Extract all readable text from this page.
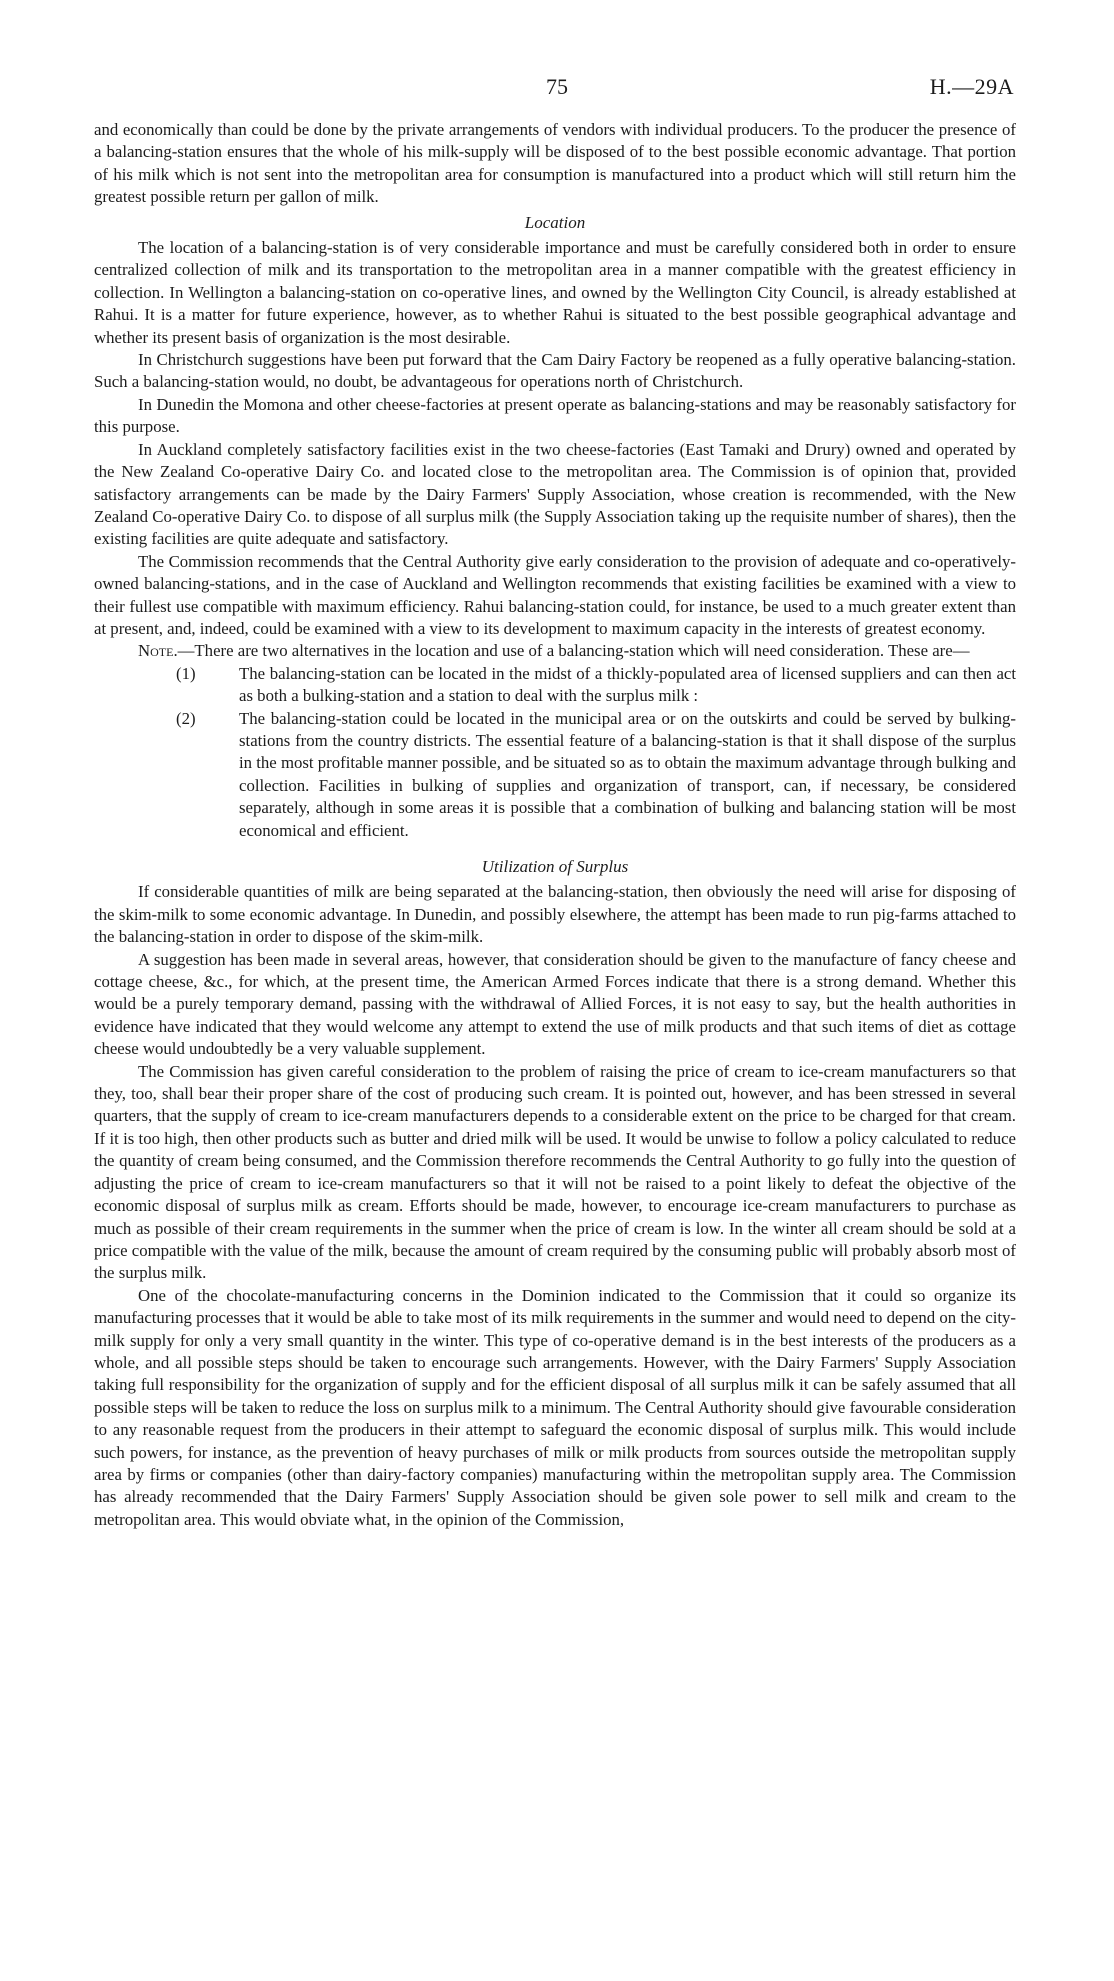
75	H.—29A

and economically than could be done by the private arrangements of vendors with individual producers. To the producer the presence of a balancing-station ensures that the whole of his milk-supply will be disposed of to the best possible economic advantage. That portion of his milk which is not sent into the metropolitan area for consumption is manufactured into a product which will still return him the greatest possible return per gallon of milk.

Location

The location of a balancing-station is of very considerable importance and must be carefully considered both in order to ensure centralized collection of milk and its transportation to the metropolitan area in a manner compatible with the greatest efficiency in collection. In Wellington a balancing-station on co-operative lines, and owned by the Wellington City Council, is already established at Rahui. It is a matter for future experience, however, as to whether Rahui is situated to the best possible geographical advantage and whether its present basis of organization is the most desirable.

In Christchurch suggestions have been put forward that the Cam Dairy Factory be reopened as a fully operative balancing-station. Such a balancing-station would, no doubt, be advantageous for operations north of Christchurch.

In Dunedin the Momona and other cheese-factories at present operate as balancing-stations and may be reasonably satisfactory for this purpose.

In Auckland completely satisfactory facilities exist in the two cheese-factories (East Tamaki and Drury) owned and operated by the New Zealand Co-operative Dairy Co. and located close to the metropolitan area. The Commission is of opinion that, provided satisfactory arrangements can be made by the Dairy Farmers' Supply Association, whose creation is recommended, with the New Zealand Co-operative Dairy Co. to dispose of all surplus milk (the Supply Association taking up the requisite number of shares), then the existing facilities are quite adequate and satisfactory.

The Commission recommends that the Central Authority give early consideration to the provision of adequate and co-operatively-owned balancing-stations, and in the case of Auckland and Wellington recommends that existing facilities be examined with a view to their fullest use compatible with maximum efficiency. Rahui balancing-station could, for instance, be used to a much greater extent than at present, and, indeed, could be examined with a view to its development to maximum capacity in the interests of greatest economy.

Note.—There are two alternatives in the location and use of a balancing-station which will need consideration. These are—

(1)	The balancing-station can be located in the midst of a thickly-populated area of licensed suppliers and can then act as both a bulking-station and a station to deal with the surplus milk :
(2)	The balancing-station could be located in the municipal area or on the outskirts and could be served by bulking-stations from the country districts. The essential feature of a balancing-station is that it shall dispose of the surplus in the most profitable manner possible, and be situated so as to obtain the maximum advantage through bulking and collection. Facilities in bulking of supplies and organization of transport, can, if necessary, be considered separately, although in some areas it is possible that a combination of bulking and balancing station will be most economical and efficient.
Utilization of Surplus

If considerable quantities of milk are being separated at the balancing-station, then obviously the need will arise for disposing of the skim-milk to some economic advantage. In Dunedin, and possibly elsewhere, the attempt has been made to run pig-farms attached to the balancing-station in order to dispose of the skim-milk.

A suggestion has been made in several areas, however, that consideration should be given to the manufacture of fancy cheese and cottage cheese, &c., for which, at the present time, the American Armed Forces indicate that there is a strong demand. Whether this would be a purely temporary demand, passing with the withdrawal of Allied Forces, it is not easy to say, but the health authorities in evidence have indicated that they would welcome any attempt to extend the use of milk products and that such items of diet as cottage cheese would undoubtedly be a very valuable supplement.

The Commission has given careful consideration to the problem of raising the price of cream to ice-cream manufacturers so that they, too, shall bear their proper share of the cost of producing such cream. It is pointed out, however, and has been stressed in several quarters, that the supply of cream to ice-cream manufacturers depends to a considerable extent on the price to be charged for that cream. If it is too high, then other products such as butter and dried milk will be used. It would be unwise to follow a policy calculated to reduce the quantity of cream being consumed, and the Commission therefore recommends the Central Authority to go fully into the question of adjusting the price of cream to ice-cream manufacturers so that it will not be raised to a point likely to defeat the objective of the economic disposal of surplus milk as cream. Efforts should be made, however, to encourage ice-cream manufacturers to purchase as much as possible of their cream requirements in the summer when the price of cream is low. In the winter all cream should be sold at a price compatible with the value of the milk, because the amount of cream required by the consuming public will probably absorb most of the surplus milk.

One of the chocolate-manufacturing concerns in the Dominion indicated to the Commission that it could so organize its manufacturing processes that it would be able to take most of its milk requirements in the summer and would need to depend on the city-milk supply for only a very small quantity in the winter. This type of co-operative demand is in the best interests of the producers as a whole, and all possible steps should be taken to encourage such arrangements. However, with the Dairy Farmers' Supply Association taking full responsibility for the organization of supply and for the efficient disposal of all surplus milk it can be safely assumed that all possible steps will be taken to reduce the loss on surplus milk to a minimum. The Central Authority should give favourable consideration to any reasonable request from the producers in their attempt to safeguard the economic disposal of surplus milk. This would include such powers, for instance, as the prevention of heavy purchases of milk or milk products from sources outside the metropolitan supply area by firms or companies (other than dairy-factory companies) manufacturing within the metropolitan supply area. The Commission has already recommended that the Dairy Farmers' Supply Association should be given sole power to sell milk and cream to the metropolitan area. This would obviate what, in the opinion of the Commission,
